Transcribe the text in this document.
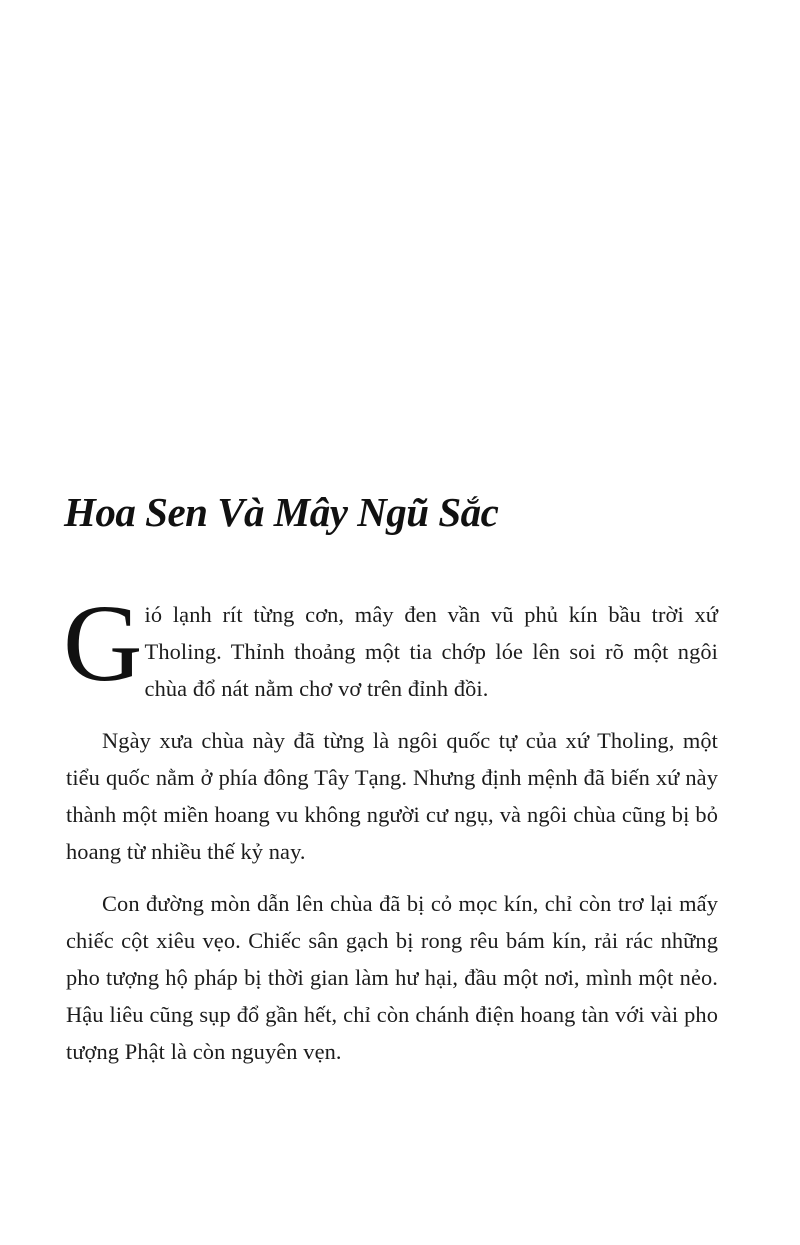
Hoa Sen Và Mây Ngũ Sắc

Gió lạnh rít từng cơn, mây đen vần vũ phủ kín bầu trời xứ Tholing. Thỉnh thoảng một tia chớp lóe lên soi rõ một ngôi chùa đổ nát nằm chơ vơ trên đỉnh đồi.

Ngày xưa chùa này đã từng là ngôi quốc tự của xứ Tholing, một tiểu quốc nằm ở phía đông Tây Tạng. Nhưng định mệnh đã biến xứ này thành một miền hoang vu không người cư ngụ, và ngôi chùa cũng bị bỏ hoang từ nhiều thế kỷ nay.

Con đường mòn dẫn lên chùa đã bị cỏ mọc kín, chỉ còn trơ lại mấy chiếc cột xiêu vẹo. Chiếc sân gạch bị rong rêu bám kín, rải rác những pho tượng hộ pháp bị thời gian làm hư hại, đầu một nơi, mình một nẻo. Hậu liêu cũng sụp đổ gần hết, chỉ còn chánh điện hoang tàn với vài pho tượng Phật là còn nguyên vẹn.
